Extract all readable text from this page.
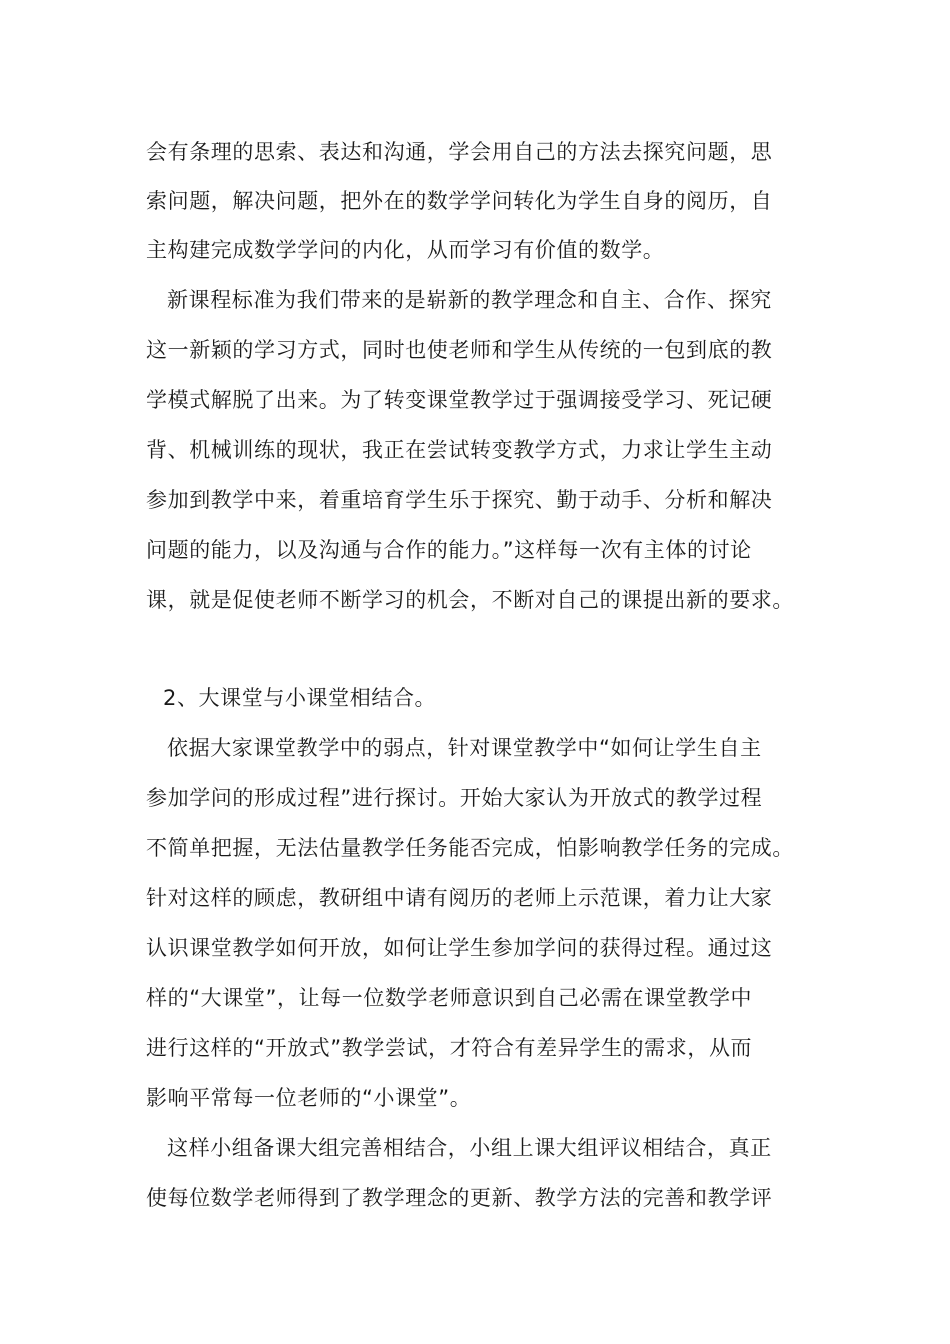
会有条理的思索、表达和沟通，学会用自己的方法去探究问题，思
索问题，解决问题，把外在的数学学问转化为学生自身的阅历，自
主构建完成数学学问的内化，从而学习有价值的数学。
新课程标准为我们带来的是崭新的教学理念和自主、合作、探究
这一新颖的学习方式，同时也使老师和学生从传统的一包到底的教
学模式解脱了出来。为了转变课堂教学过于强调接受学习、死记硬
背、机械训练的现状，我正在尝试转变教学方式，力求让学生主动
参加到教学中来，着重培育学生乐于探究、勤于动手、分析和解决
问题的能力，以及沟通与合作的能力。”这样每一次有主体的讨论
课，就是促使老师不断学习的机会，不断对自己的课提出新的要求。
2、大课堂与小课堂相结合。
依据大家课堂教学中的弱点，针对课堂教学中“如何让学生自主
参加学问的形成过程”进行探讨。开始大家认为开放式的教学过程
不简单把握，无法估量教学任务能否完成，怕影响教学任务的完成。
针对这样的顾虑，教研组中请有阅历的老师上示范课，着力让大家
认识课堂教学如何开放，如何让学生参加学问的获得过程。通过这
样的“大课堂”，让每一位数学老师意识到自己必需在课堂教学中
进行这样的“开放式”教学尝试，才符合有差异学生的需求，从而
影响平常每一位老师的“小课堂”。
这样小组备课大组完善相结合，小组上课大组评议相结合，真正
使每位数学老师得到了教学理念的更新、教学方法的完善和教学评
